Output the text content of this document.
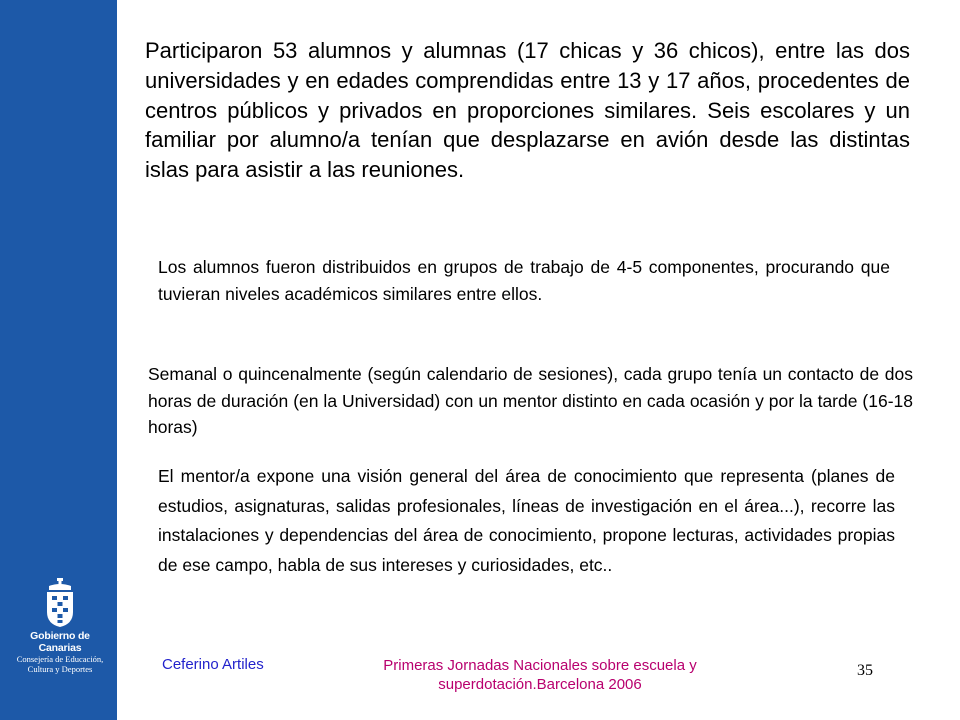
Gobierno de Canarias
Consejería de Educación,
Cultura y Deportes
Participaron 53 alumnos y alumnas (17 chicas y 36 chicos), entre las dos universidades y en edades comprendidas entre 13 y 17 años, procedentes de centros públicos y privados en proporciones similares. Seis escolares y un familiar por alumno/a tenían que desplazarse en avión desde las distintas islas para asistir a las reuniones.
Los alumnos fueron distribuidos en grupos de trabajo de 4-5 componentes, procurando que tuvieran niveles académicos similares entre ellos.
Semanal o quincenalmente (según calendario de sesiones), cada grupo tenía un contacto de dos horas de duración (en la Universidad) con un mentor distinto en cada ocasión y por la tarde (16-18 horas)
El mentor/a expone una visión general del área de conocimiento que representa (planes de estudios, asignaturas, salidas profesionales, líneas de investigación en el área...), recorre las instalaciones y dependencias del área de conocimiento, propone lecturas, actividades propias de ese campo, habla de sus intereses y curiosidades, etc..
Ceferino Artiles	Primeras Jornadas Nacionales sobre escuela y superdotación.Barcelona 2006
35
